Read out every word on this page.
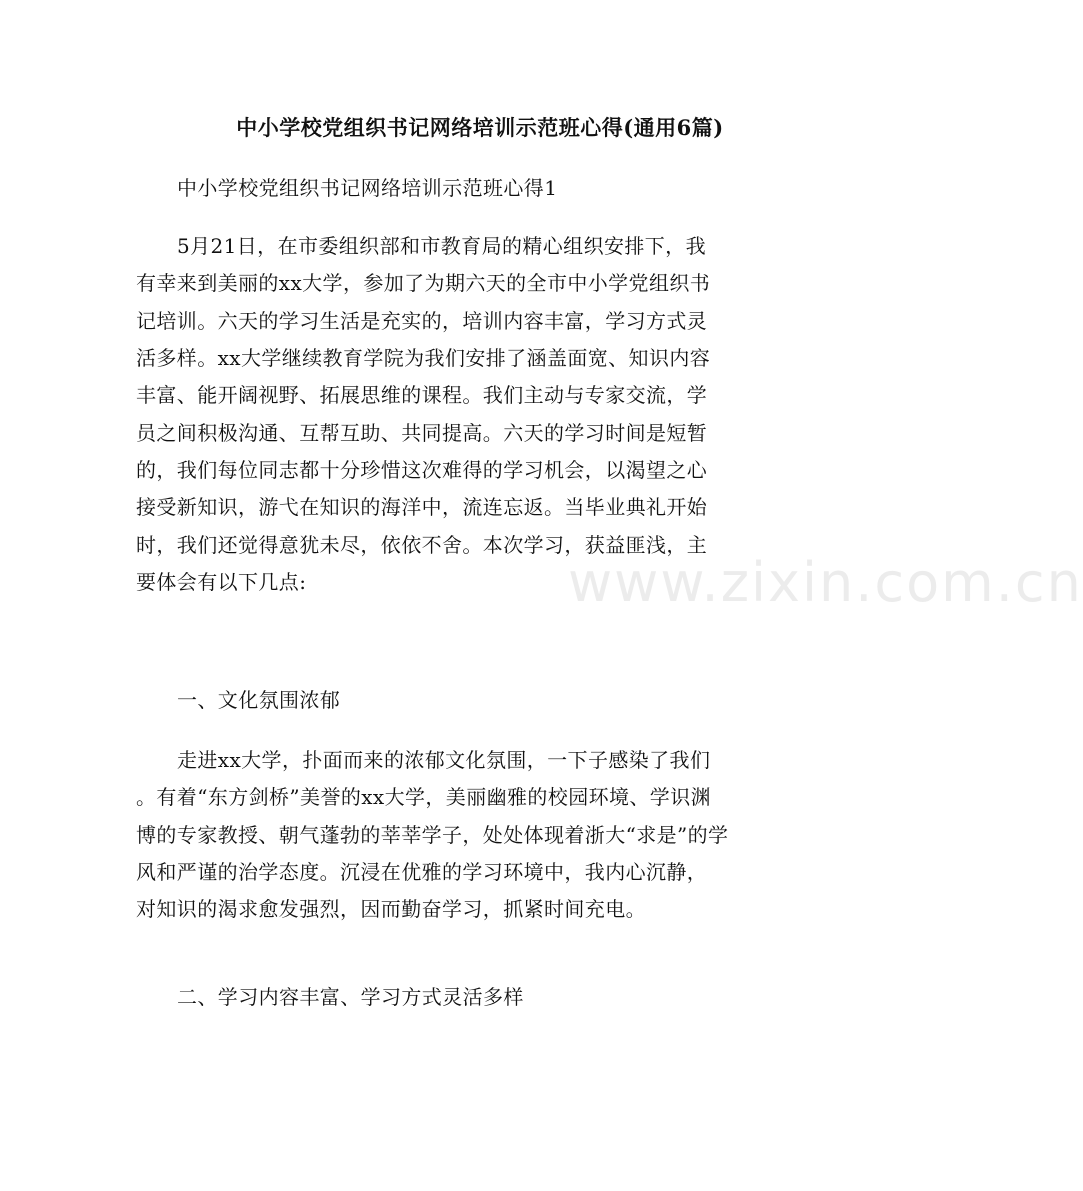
中小学校党组织书记网络培训示范班心得(通用6篇)
中小学校党组织书记网络培训示范班心得1
5月21日，在市委组织部和市教育局的精心组织安排下，我
有幸来到美丽的xx大学，参加了为期六天的全市中小学党组织书
记培训。六天的学习生活是充实的，培训内容丰富，学习方式灵
活多样。xx大学继续教育学院为我们安排了涵盖面宽、知识内容
丰富、能开阔视野、拓展思维的课程。我们主动与专家交流，学
员之间积极沟通、互帮互助、共同提高。六天的学习时间是短暂
的，我们每位同志都十分珍惜这次难得的学习机会，以渴望之心
接受新知识，游弋在知识的海洋中，流连忘返。当毕业典礼开始
时，我们还觉得意犹未尽，依依不舍。本次学习，获益匪浅，主
要体会有以下几点:
一、文化氛围浓郁
走进xx大学，扑面而来的浓郁文化氛围，一下子感染了我们
。有着“东方剑桥”美誉的xx大学，美丽幽雅的校园环境、学识渊
博的专家教授、朝气蓬勃的莘莘学子，处处体现着浙大“求是”的学
风和严谨的治学态度。沉浸在优雅的学习环境中，我内心沉静，
对知识的渴求愈发强烈，因而勤奋学习，抓紧时间充电。
二、学习内容丰富、学习方式灵活多样
www.zixin.com.cn
